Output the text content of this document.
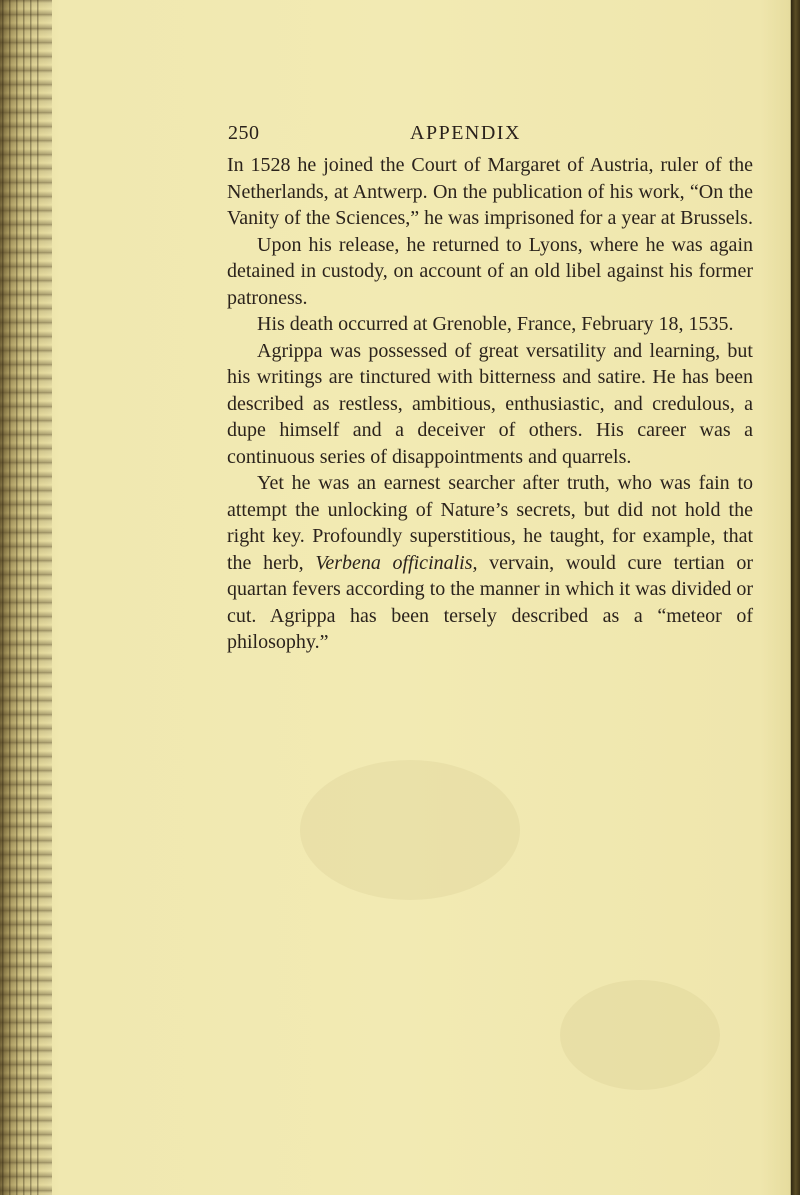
250	APPENDIX

In 1528 he joined the Court of Margaret of Austria, ruler of the Netherlands, at Antwerp. On the publication of his work, “On the Vanity of the Sciences,” he was imprisoned for a year at Brussels.

Upon his release, he returned to Lyons, where he was again detained in custody, on account of an old libel against his former patroness.

His death occurred at Grenoble, France, February 18, 1535.

Agrippa was possessed of great versatility and learning, but his writings are tinctured with bitterness and satire. He has been described as restless, ambitious, enthusiastic, and credulous, a dupe himself and a deceiver of others. His career was a continuous series of disappointments and quarrels.

Yet he was an earnest searcher after truth, who was fain to attempt the unlocking of Nature’s secrets, but did not hold the right key. Profoundly superstitious, he taught, for example, that the herb, Verbena officinalis, vervain, would cure tertian or quartan fevers according to the manner in which it was divided or cut. Agrippa has been tersely described as a “meteor of philosophy.”
